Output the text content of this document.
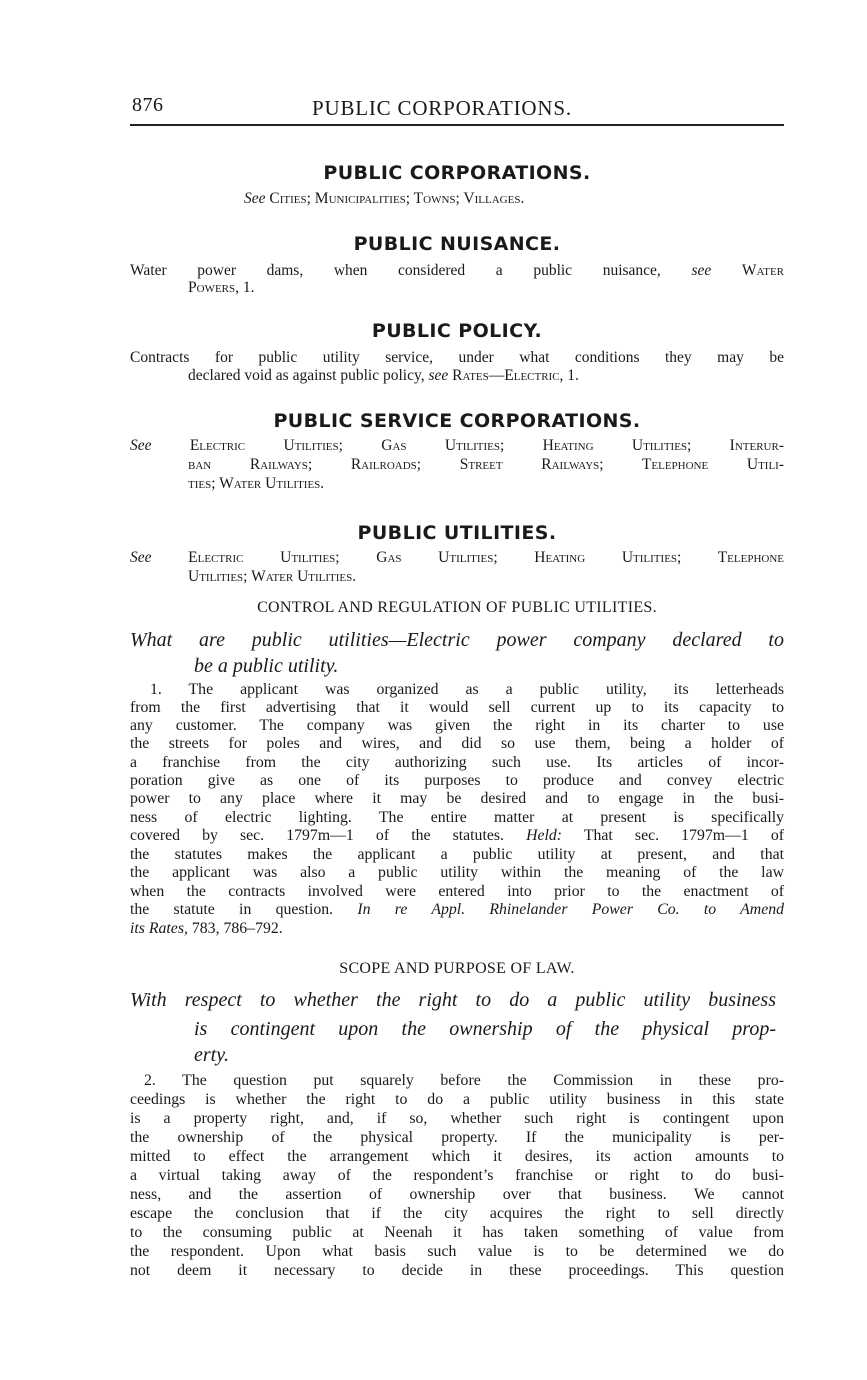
876	PUBLIC CORPORATIONS.
PUBLIC CORPORATIONS.
See Cities; Municipalities; Towns; Villages.
PUBLIC NUISANCE.
Water power dams, when considered a public nuisance, see Water
Powers, 1.
PUBLIC POLICY.
Contracts for public utility service, under what conditions they may be
declared void as against public policy, see Rates—Electric, 1.
PUBLIC SERVICE CORPORATIONS.
See Electric Utilities; Gas Utilities; Heating Utilities; Interur-
ban Railways; Railroads; Street Railways; Telephone Utili-
ties; Water Utilities.
PUBLIC UTILITIES.
See Electric Utilities; Gas Utilities; Heating Utilities; Telephone
Utilities; Water Utilities.
CONTROL AND REGULATION OF PUBLIC UTILITIES.
What are public utilities—Electric power company declared to
be a public utility.
1. The applicant was organized as a public utility, its letterheads
from the first advertising that it would sell current up to its capacity to
any customer. The company was given the right in its charter to use
the streets for poles and wires, and did so use them, being a holder of
a franchise from the city authorizing such use. Its articles of incor-
poration give as one of its purposes to produce and convey electric
power to any place where it may be desired and to engage in the busi-
ness of electric lighting. The entire matter at present is specifically
covered by sec. 1797m—1 of the statutes. Held: That sec. 1797m—1 of
the statutes makes the applicant a public utility at present, and that
the applicant was also a public utility within the meaning of the law
when the contracts involved were entered into prior to the enactment of
the statute in question. In re Appl. Rhinelander Power Co. to Amend
its Rates, 783, 786–792.
SCOPE AND PURPOSE OF LAW.
With respect to whether the right to do a public utility business
is contingent upon the ownership of the physical prop-
erty.
2. The question put squarely before the Commission in these pro-
ceedings is whether the right to do a public utility business in this state
is a property right, and, if so, whether such right is contingent upon
the ownership of the physical property. If the municipality is per-
mitted to effect the arrangement which it desires, its action amounts to
a virtual taking away of the respondent’s franchise or right to do busi-
ness, and the assertion of ownership over that business. We cannot
escape the conclusion that if the city acquires the right to sell directly
to the consuming public at Neenah it has taken something of value from
the respondent. Upon what basis such value is to be determined we do
not deem it necessary to decide in these proceedings. This question
